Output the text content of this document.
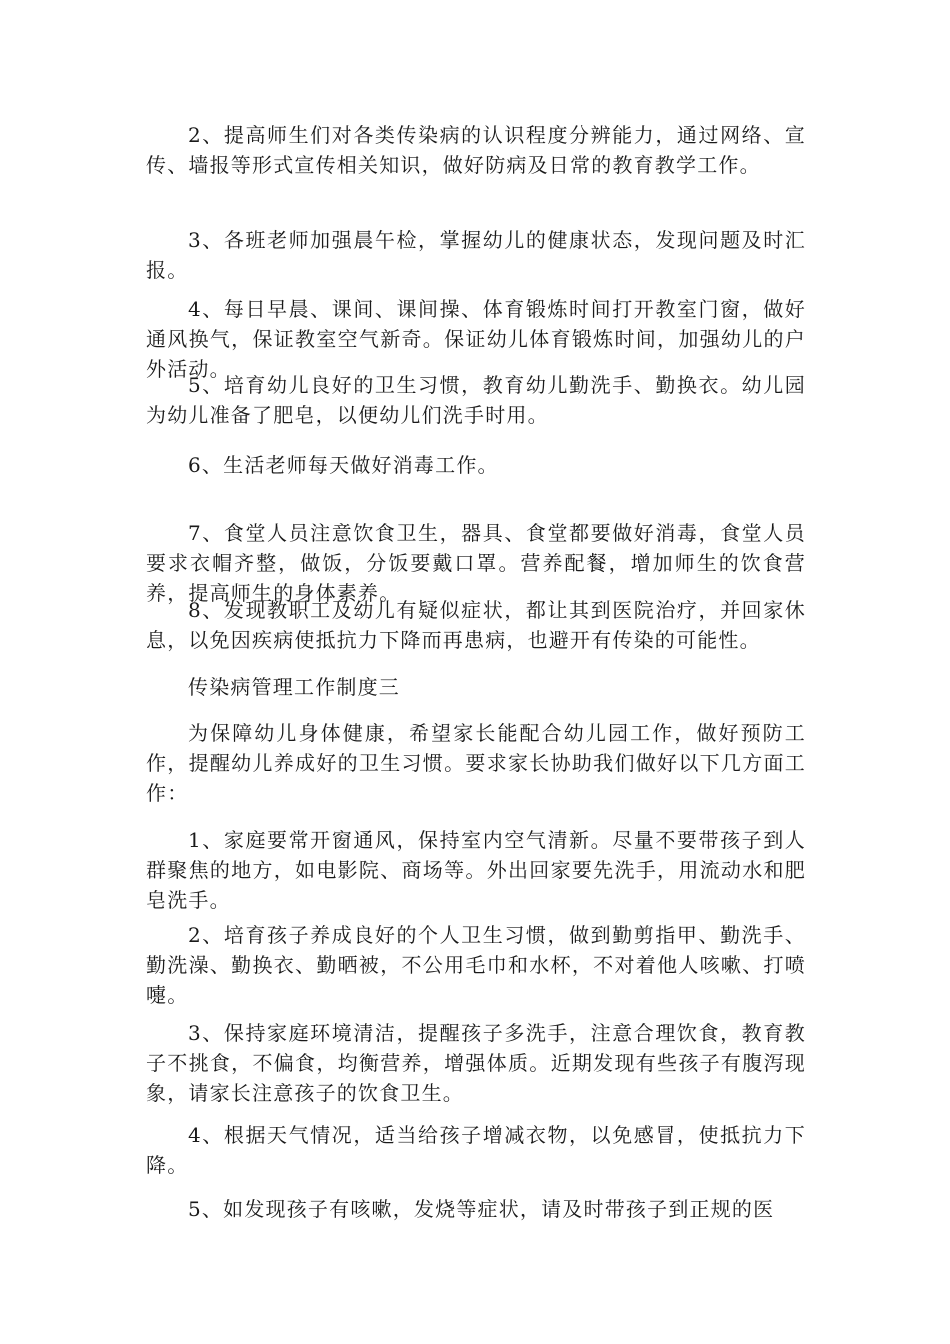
2、提高师生们对各类传染病的认识程度分辨能力，通过网络、宣传、墙报等形式宣传相关知识，做好防病及日常的教育教学工作。

3、各班老师加强晨午检，掌握幼儿的健康状态，发现问题及时汇报。

4、每日早晨、课间、课间操、体育锻炼时间打开教室门窗，做好通风换气，保证教室空气新奇。保证幼儿体育锻炼时间，加强幼儿的户外活动。

5、培育幼儿良好的卫生习惯，教育幼儿勤洗手、勤换衣。幼儿园为幼儿准备了肥皂，以便幼儿们洗手时用。

6、生活老师每天做好消毒工作。

7、食堂人员注意饮食卫生，器具、食堂都要做好消毒，食堂人员要求衣帽齐整，做饭，分饭要戴口罩。营养配餐，增加师生的饮食营养，提高师生的身体素养。

8、发现教职工及幼儿有疑似症状，都让其到医院治疗，并回家休息，以免因疾病使抵抗力下降而再患病，也避开有传染的可能性。

传染病管理工作制度三

为保障幼儿身体健康，希望家长能配合幼儿园工作，做好预防工作，提醒幼儿养成好的卫生习惯。要求家长协助我们做好以下几方面工作：

1、家庭要常开窗通风，保持室内空气清新。尽量不要带孩子到人群聚焦的地方，如电影院、商场等。外出回家要先洗手，用流动水和肥皂洗手。

2、培育孩子养成良好的个人卫生习惯，做到勤剪指甲、勤洗手、勤洗澡、勤换衣、勤晒被，不公用毛巾和水杯，不对着他人咳嗽、打喷嚏。

3、保持家庭环境清洁，提醒孩子多洗手，注意合理饮食，教育教子不挑食，不偏食，均衡营养，增强体质。近期发现有些孩子有腹泻现象，请家长注意孩子的饮食卫生。

4、根据天气情况，适当给孩子增减衣物，以免感冒，使抵抗力下降。

5、如发现孩子有咳嗽，发烧等症状，请及时带孩子到正规的医
